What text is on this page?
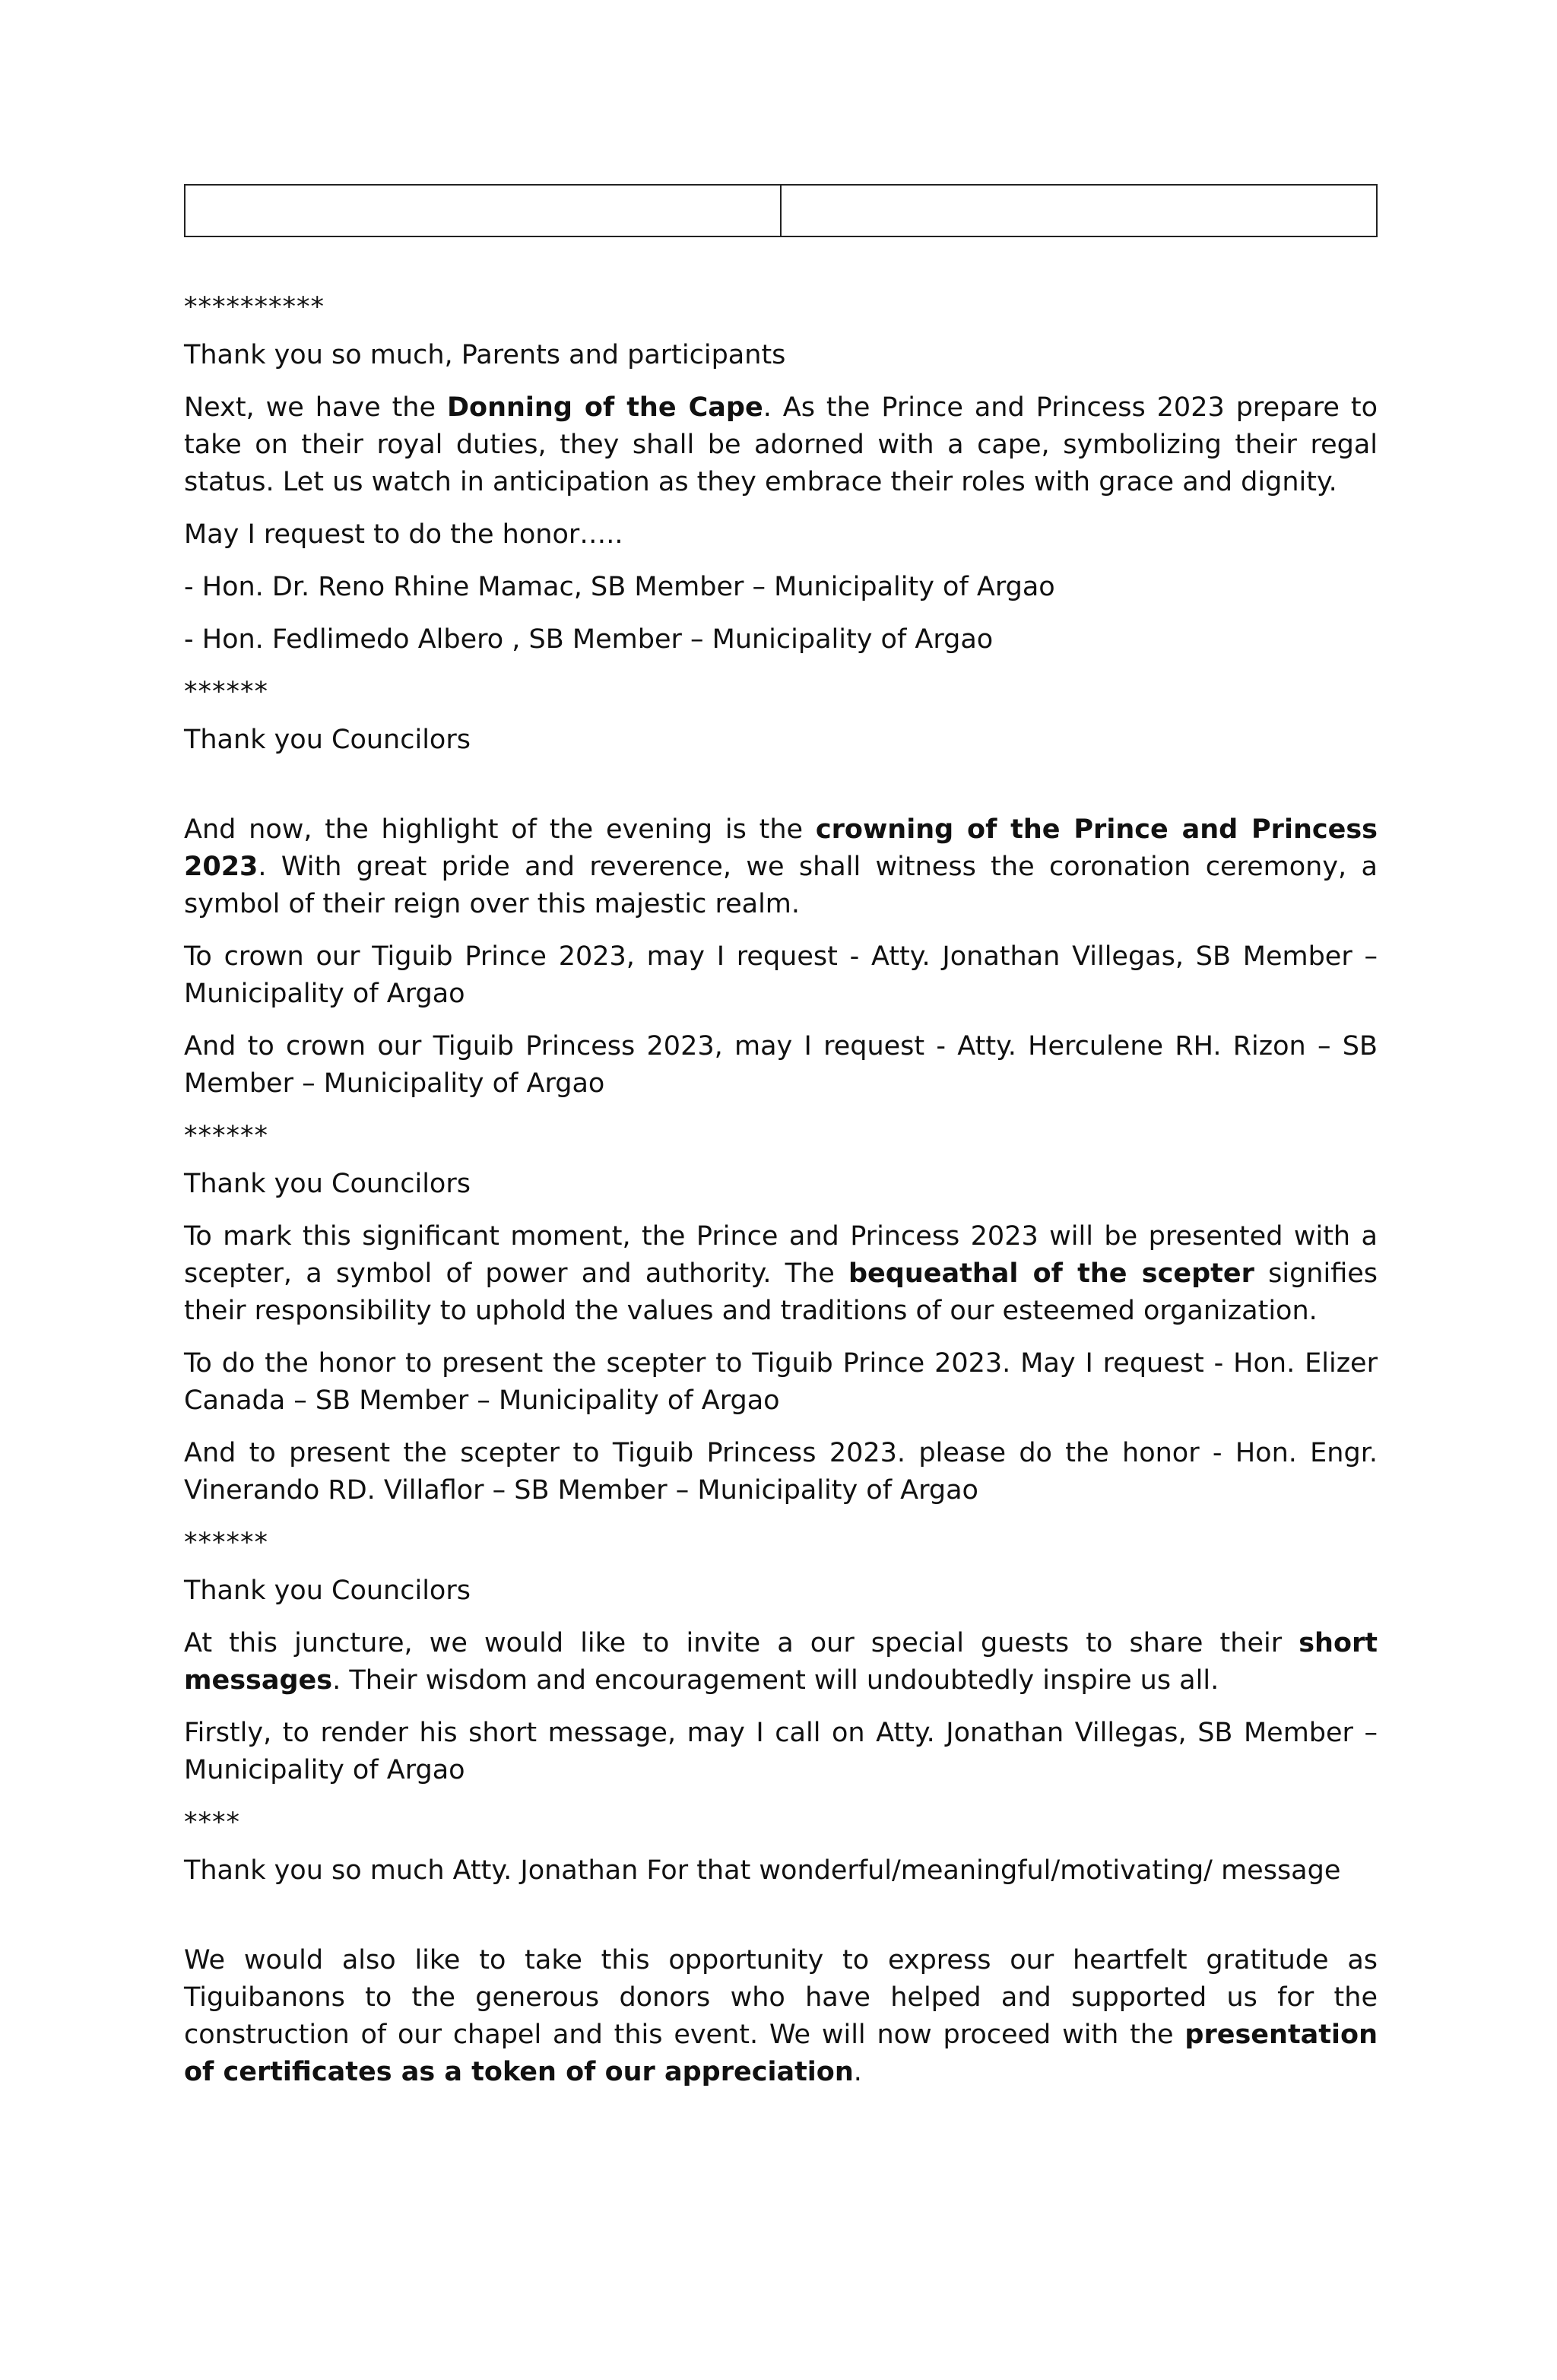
**********

Thank you so much, Parents and participants

Next, we have the Donning of the Cape. As the Prince and Princess 2023 prepare to take on their royal duties, they shall be adorned with a cape, symbolizing their regal status. Let us watch in anticipation as they embrace their roles with grace and dignity.

May I request to do the honor…..

- Hon. Dr. Reno Rhine Mamac, SB Member – Municipality of Argao

- Hon. Fedlimedo Albero , SB Member – Municipality of Argao

******

Thank you Councilors

And now, the highlight of the evening is the crowning of the Prince and Princess 2023. With great pride and reverence, we shall witness the coronation ceremony, a symbol of their reign over this majestic realm.

To crown our Tiguib Prince 2023, may I request - Atty. Jonathan Villegas, SB Member – Municipality of Argao

And to crown our Tiguib Princess 2023, may I request - Atty. Herculene RH. Rizon – SB Member – Municipality of Argao

******

Thank you Councilors

To mark this significant moment, the Prince and Princess 2023 will be presented with a scepter, a symbol of power and authority. The bequeathal of the scepter signifies their responsibility to uphold the values and traditions of our esteemed organization.

To do the honor to present the scepter to Tiguib Prince 2023. May I request - Hon. Elizer Canada – SB Member – Municipality of Argao

And to present the scepter to Tiguib Princess 2023. please do the honor - Hon. Engr. Vinerando RD. Villaflor – SB Member – Municipality of Argao

******

Thank you Councilors

At this juncture, we would like to invite a our special guests to share their short messages. Their wisdom and encouragement will undoubtedly inspire us all.

Firstly, to render his short message, may I call on Atty. Jonathan Villegas, SB Member – Municipality of Argao

****

Thank you so much Atty. Jonathan For that wonderful/meaningful/motivating/ message

We would also like to take this opportunity to express our heartfelt gratitude as Tiguibanons to the generous donors who have helped and supported us for the construction of our chapel and this event. We will now proceed with the presentation of certificates as a token of our appreciation.
